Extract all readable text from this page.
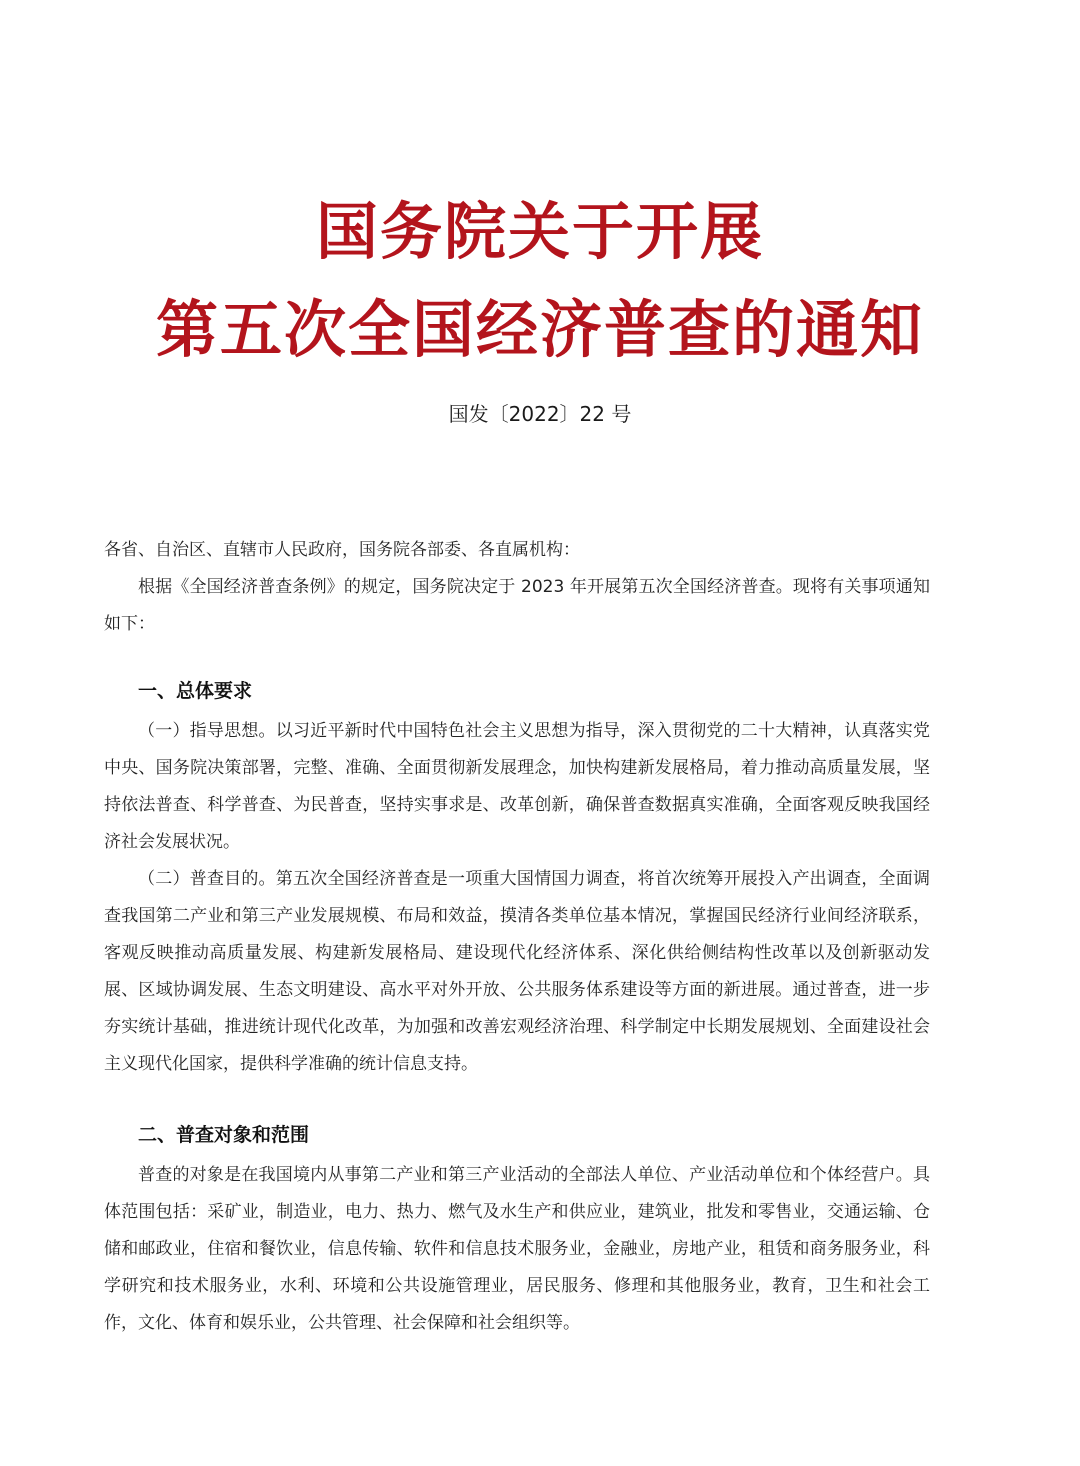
国务院关于开展
第五次全国经济普查的通知
国发〔2022〕22 号

各省、自治区、直辖市人民政府，国务院各部委、各直属机构：

根据《全国经济普查条例》的规定，国务院决定于 2023 年开展第五次全国经济普查。现将有关事项通知如下：

一、总体要求

（一）指导思想。以习近平新时代中国特色社会主义思想为指导，深入贯彻党的二十大精神，认真落实党中央、国务院决策部署，完整、准确、全面贯彻新发展理念，加快构建新发展格局，着力推动高质量发展，坚持依法普查、科学普查、为民普查，坚持实事求是、改革创新，确保普查数据真实准确，全面客观反映我国经济社会发展状况。

（二）普查目的。第五次全国经济普查是一项重大国情国力调查，将首次统筹开展投入产出调查，全面调查我国第二产业和第三产业发展规模、布局和效益，摸清各类单位基本情况，掌握国民经济行业间经济联系，客观反映推动高质量发展、构建新发展格局、建设现代化经济体系、深化供给侧结构性改革以及创新驱动发展、区域协调发展、生态文明建设、高水平对外开放、公共服务体系建设等方面的新进展。通过普查，进一步夯实统计基础，推进统计现代化改革，为加强和改善宏观经济治理、科学制定中长期发展规划、全面建设社会主义现代化国家，提供科学准确的统计信息支持。

二、普查对象和范围

普查的对象是在我国境内从事第二产业和第三产业活动的全部法人单位、产业活动单位和个体经营户。具体范围包括：采矿业，制造业，电力、热力、燃气及水生产和供应业，建筑业，批发和零售业，交通运输、仓储和邮政业，住宿和餐饮业，信息传输、软件和信息技术服务业，金融业，房地产业，租赁和商务服务业，科学研究和技术服务业，水利、环境和公共设施管理业，居民服务、修理和其他服务业，教育，卫生和社会工作，文化、体育和娱乐业，公共管理、社会保障和社会组织等。
